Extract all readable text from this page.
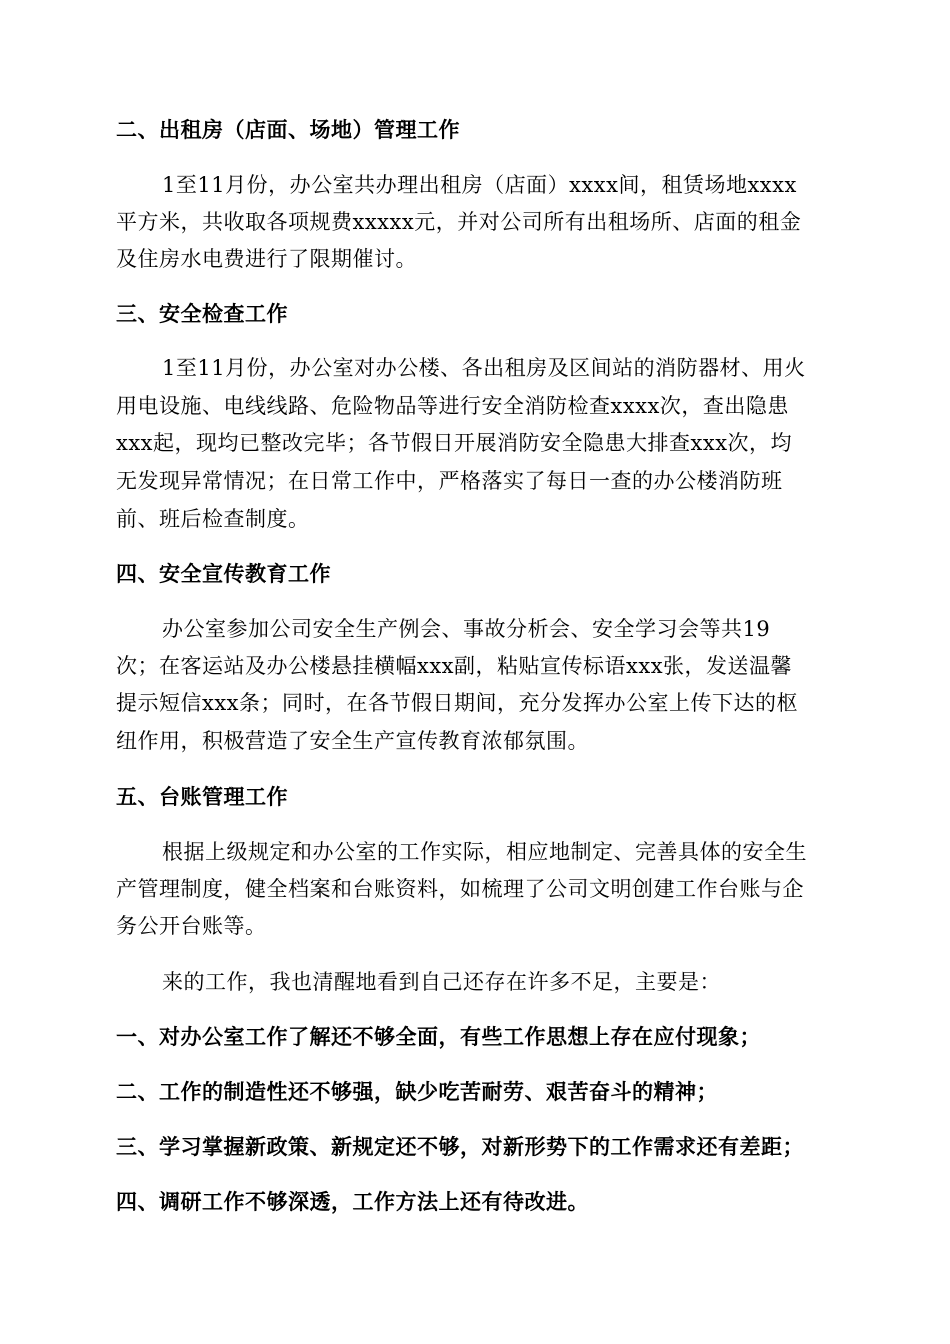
二、出租房（店面、场地）管理工作
1至11月份，办公室共办理出租房（店面）xxxx间，租赁场地xxxx
平方米，共收取各项规费xxxxx元，并对公司所有出租场所、店面的租金
及住房水电费进行了限期催讨。
三、安全检查工作
1至11月份，办公室对办公楼、各出租房及区间站的消防器材、用火
用电设施、电线线路、危险物品等进行安全消防检查xxxx次，查出隐患
xxx起，现均已整改完毕；各节假日开展消防安全隐患大排查xxx次，均
无发现异常情况；在日常工作中，严格落实了每日一查的办公楼消防班
前、班后检查制度。
四、安全宣传教育工作
办公室参加公司安全生产例会、事故分析会、安全学习会等共19
次；在客运站及办公楼悬挂横幅xxx副，粘贴宣传标语xxx张，发送温馨
提示短信xxx条；同时，在各节假日期间，充分发挥办公室上传下达的枢
纽作用，积极营造了安全生产宣传教育浓郁氛围。
五、台账管理工作
根据上级规定和办公室的工作实际，相应地制定、完善具体的安全生
产管理制度，健全档案和台账资料，如梳理了公司文明创建工作台账与企
务公开台账等。
来的工作，我也清醒地看到自己还存在许多不足，主要是：
一、对办公室工作了解还不够全面，有些工作思想上存在应付现象；
二、工作的制造性还不够强，缺少吃苦耐劳、艰苦奋斗的精神；
三、学习掌握新政策、新规定还不够，对新形势下的工作需求还有差距；
四、调研工作不够深透，工作方法上还有待改进。
